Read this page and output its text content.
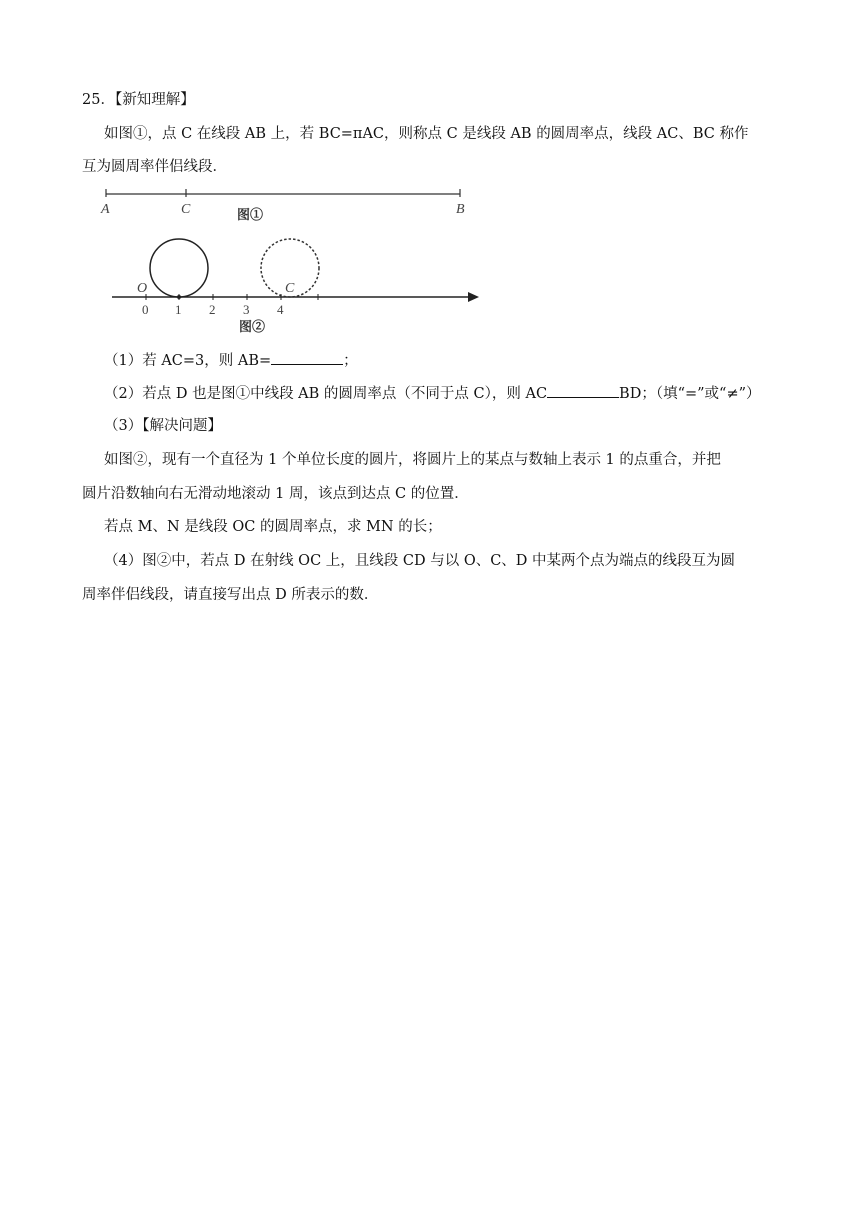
25．【新知理解】
如图①，点 C 在线段 AB 上，若 BC=πAC，则称点 C 是线段 AB 的圆周率点，线段 AC、BC 称作
互为圆周率伴侣线段．
A	C	B
图①
O	C
0 1 2 3 4
图②
（1）若 AC=3，则 AB=	；
（2）若点 D 也是图①中线段 AB 的圆周率点（不同于点 C），则 AC	BD；（填“=”或“≠”）
（3）【解决问题】
如图②，现有一个直径为 1 个单位长度的圆片，将圆片上的某点与数轴上表示 1 的点重合，并把
圆片沿数轴向右无滑动地滚动 1 周，该点到达点 C 的位置．
若点 M、N 是线段 OC 的圆周率点，求 MN 的长；
（4）图②中，若点 D 在射线 OC 上，且线段 CD 与以 O、C、D 中某两个点为端点的线段互为圆
周率伴侣线段，请直接写出点 D 所表示的数．
